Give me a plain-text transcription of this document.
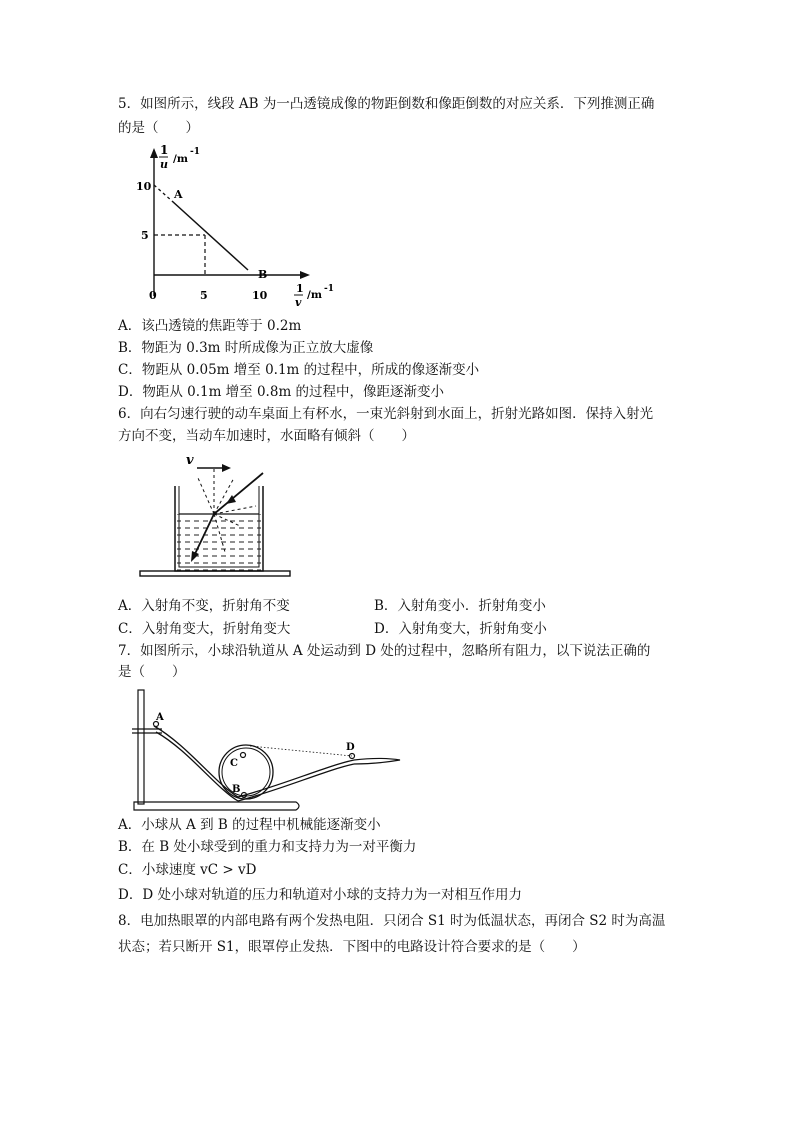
5．如图所示，线段 AB 为一凸透镜成像的物距倒数和像距倒数的对应关系．下列推测正确
的是（　　）
1
u /m
-1
1
v
/m -1
10
5
0	5	10
A
B
A．该凸透镜的焦距等于 0.2m
B．物距为 0.3m 时所成像为正立放大虚像
C．物距从 0.05m 增至 0.1m 的过程中，所成的像逐渐变小
D．物距从 0.1m 增至 0.8m 的过程中，像距逐渐变小
6．向右匀速行驶的动车桌面上有杯水，一束光斜射到水面上，折射光路如图．保持入射光
方向不变，当动车加速时，水面略有倾斜（　　）
v
A．入射角不变，折射角不变	B．入射角变小．折射角变小
C．入射角变大，折射角变大	D．入射角变大，折射角变小
7．如图所示，小球沿轨道从 A 处运动到 D 处的过程中，忽略所有阻力，以下说法正确的
是（　　）
A
B
C
D
A．小球从 A 到 B 的过程中机械能逐渐变小
B．在 B 处小球受到的重力和支持力为一对平衡力
C．小球速度 vC > vD
D．D 处小球对轨道的压力和轨道对小球的支持力为一对相互作用力
8．电加热眼罩的内部电路有两个发热电阻．只闭合 S1 时为低温状态，再闭合 S2 时为高温
状态；若只断开 S1，眼罩停止发热．下图中的电路设计符合要求的是（　　）
